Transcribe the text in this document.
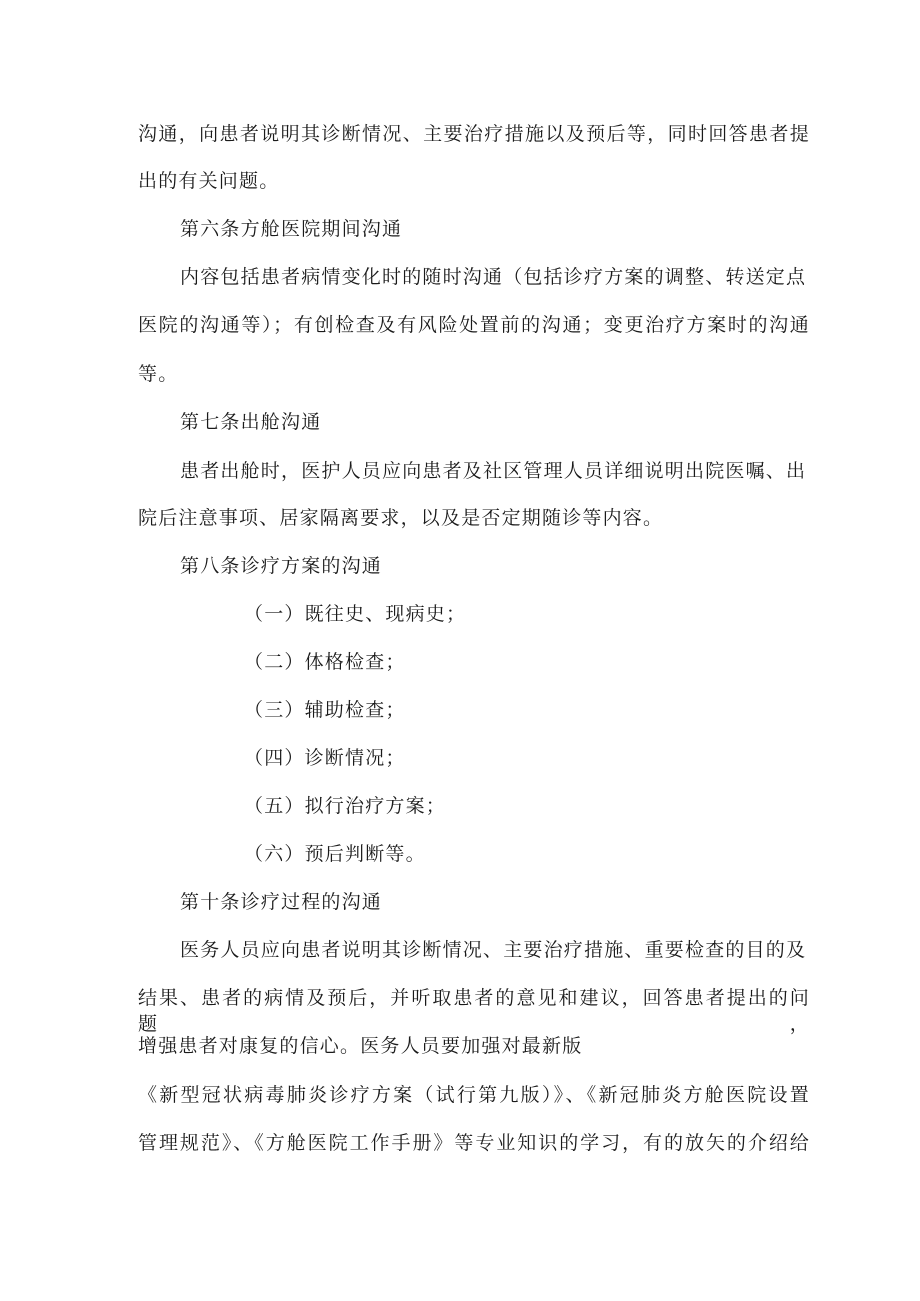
沟通，向患者说明其诊断情况、主要治疗措施以及预后等，同时回答患者提
出的有关问题。
第六条方舱医院期间沟通
内容包括患者病情变化时的随时沟通（包括诊疗方案的调整、转送定点
医院的沟通等）；有创检查及有风险处置前的沟通；变更治疗方案时的沟通
等。
第七条出舱沟通
患者出舱时，医护人员应向患者及社区管理人员详细说明出院医嘱、出
院后注意事项、居家隔离要求，以及是否定期随诊等内容。
第八条诊疗方案的沟通
（一）既往史、现病史；
（二）体格检查；
（三）辅助检查；
（四）诊断情况；
（五）拟行治疗方案；
（六）预后判断等。
第十条诊疗过程的沟通
医务人员应向患者说明其诊断情况、主要治疗措施、重要检查的目的及
结果、患者的病情及预后，并听取患者的意见和建议，回答患者提出的问题，
增强患者对康复的信心。医务人员要加强对最新版
《新型冠状病毒肺炎诊疗方案（试行第九版）》、《新冠肺炎方舱医院设置
管理规范》、《方舱医院工作手册》等专业知识的学习，有的放矢的介绍给
